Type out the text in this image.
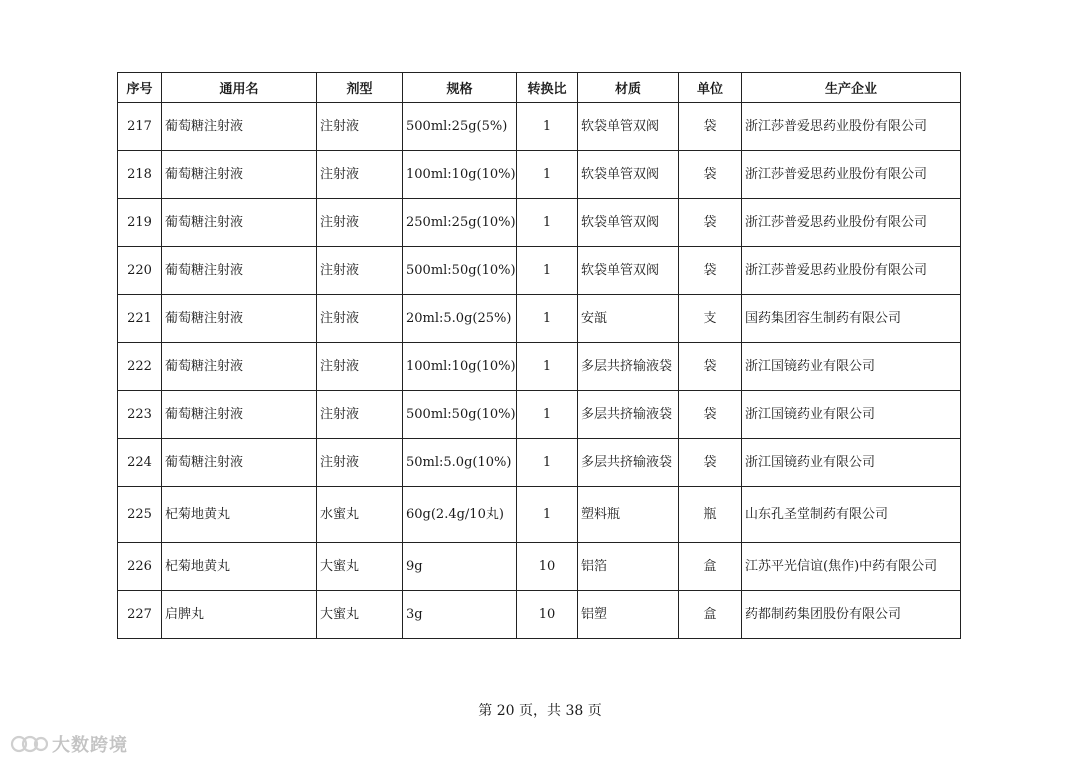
序号	通用名	剂型	规格	转换比	材质	单位	生产企业
217	葡萄糖注射液	注射液	500ml:25g(5%)	1	软袋单管双阀	袋	浙江莎普爱思药业股份有限公司
218	葡萄糖注射液	注射液	100ml:10g(10%)	1	软袋单管双阀	袋	浙江莎普爱思药业股份有限公司
219	葡萄糖注射液	注射液	250ml:25g(10%)	1	软袋单管双阀	袋	浙江莎普爱思药业股份有限公司
220	葡萄糖注射液	注射液	500ml:50g(10%)	1	软袋单管双阀	袋	浙江莎普爱思药业股份有限公司
221	葡萄糖注射液	注射液	20ml:5.0g(25%)	1	安瓿	支	国药集团容生制药有限公司
222	葡萄糖注射液	注射液	100ml:10g(10%)	1	多层共挤输液袋	袋	浙江国镜药业有限公司
223	葡萄糖注射液	注射液	500ml:50g(10%)	1	多层共挤输液袋	袋	浙江国镜药业有限公司
224	葡萄糖注射液	注射液	50ml:5.0g(10%)	1	多层共挤输液袋	袋	浙江国镜药业有限公司
225	杞菊地黄丸	水蜜丸	60g(2.4g/10丸)	1	塑料瓶	瓶	山东孔圣堂制药有限公司
226	杞菊地黄丸	大蜜丸	9g	10	铝箔	盒	江苏平光信谊(焦作)中药有限公司
227	启脾丸	大蜜丸	3g	10	铝塑	盒	药都制药集团股份有限公司
第 20 页，共 38 页
大数跨境
